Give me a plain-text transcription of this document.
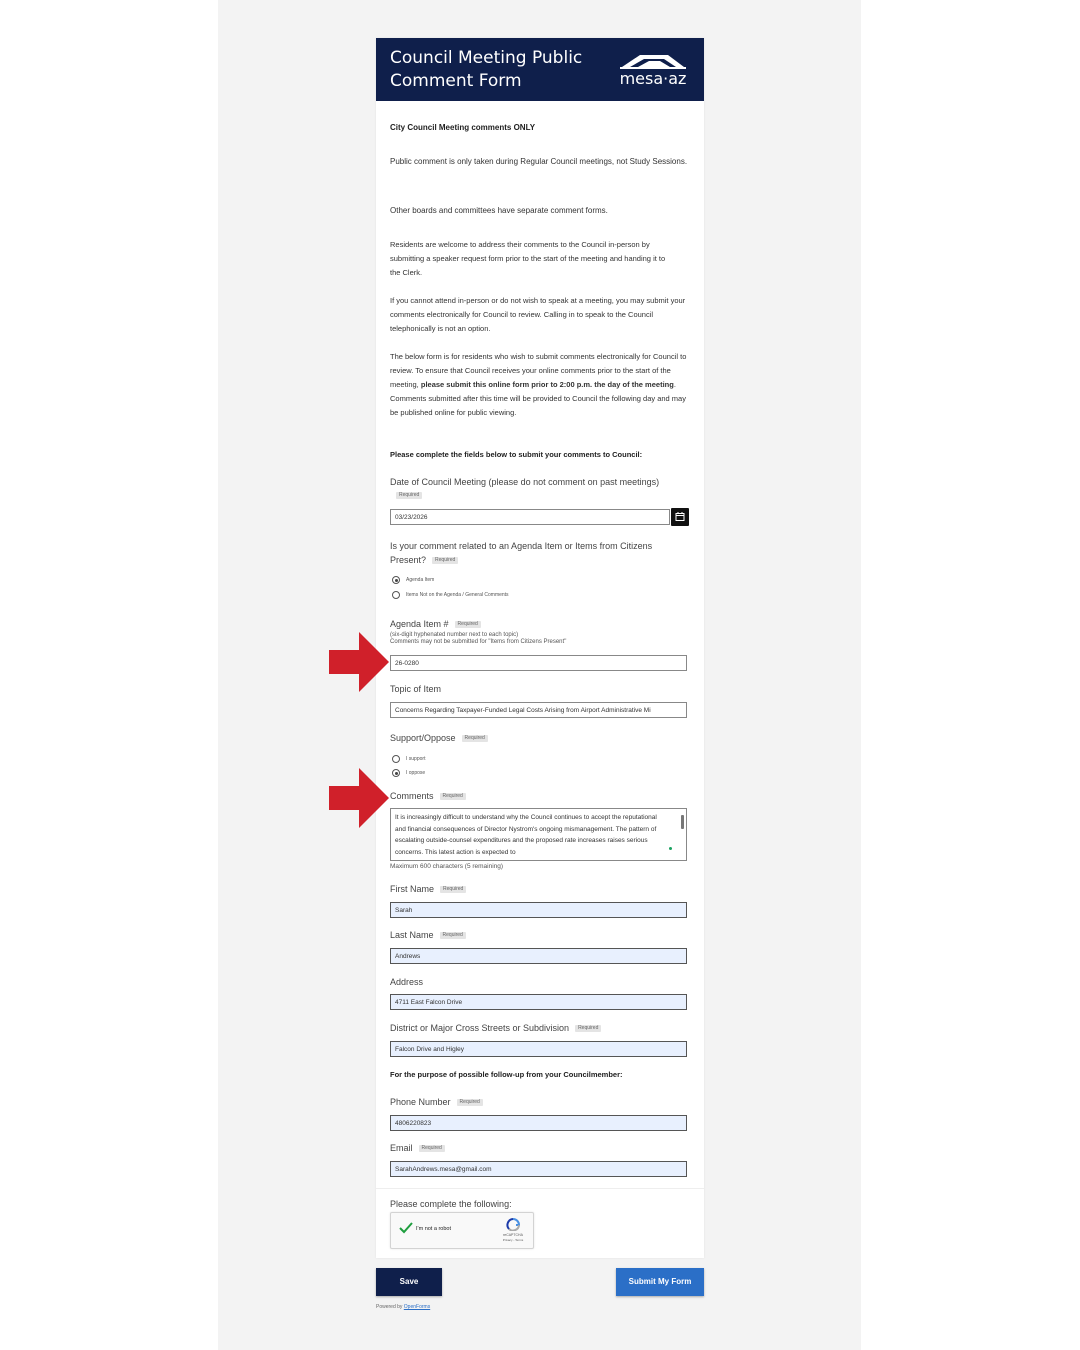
Council Meeting Public Comment Form	mesa·az
City Council Meeting comments ONLY
Public comment is only taken during Regular Council meetings, not Study Sessions.
Other boards and committees have separate comment forms.
Residents are welcome to address their comments to the Council in-person by submitting a speaker request form prior to the start of the meeting and handing it to the Clerk.
If you cannot attend in-person or do not wish to speak at a meeting, you may submit your comments electronically for Council to review. Calling in to speak to the Council telephonically is not an option.
The below form is for residents who wish to submit comments electronically for Council to review. To ensure that Council receives your online comments prior to the start of the meeting, please submit this online form prior to 2:00 p.m. the day of the meeting. Comments submitted after this time will be provided to Council the following day and may be published online for public viewing.
Please complete the fields below to submit your comments to Council:
Date of Council Meeting (please do not comment on past meetings)
Required
03/23/2026
Is your comment related to an Agenda Item or Items from Citizens Present? Required
Agenda Item
Items Not on the Agenda / General Comments
Agenda Item # Required
(six-digit hyphenated number next to each topic)
Comments may not be submitted for "Items from Citizens Present"
26-0280
Topic of Item
Concerns Regarding Taxpayer-Funded Legal Costs Arising from Airport Administrative Mi
Support/Oppose Required
I support
I oppose
Comments Required
It is increasingly difficult to understand why the Council continues to accept the reputational and financial consequences of Director Nystrom's ongoing mismanagement. The pattern of escalating outside-counsel expenditures and the proposed rate increases raises serious concerns. This latest action is expected to
Maximum 600 characters (5 remaining)
First Name Required
Sarah
Last Name Required
Andrews
Address
4711 East Falcon Drive
District or Major Cross Streets or Subdivision Required
Falcon Drive and Higley
For the purpose of possible follow-up from your Councilmember:
Phone Number Required
4806220823
Email Required
SarahAndrews.mesa@gmail.com
Please complete the following:
I'm not a robot
reCAPTCHA
Privacy - Terms
Save	Submit My Form
Powered by OpenForms
